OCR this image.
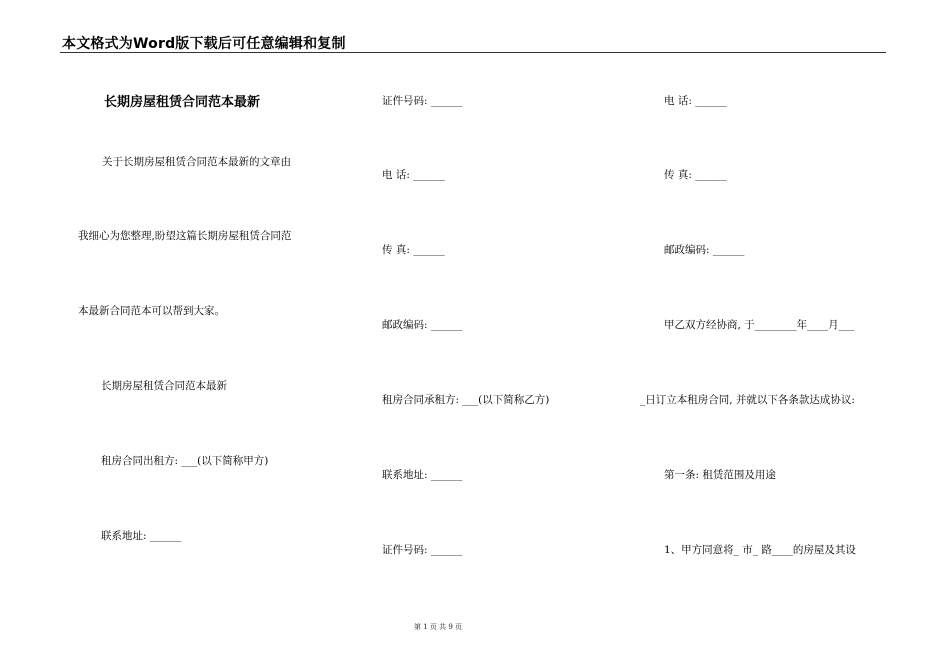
本文格式为Word版下载后可任意编辑和复制
长期房屋租赁合同范本最新
关于长期房屋租赁合同范本最新的文章由
我细心为您整理,盼望这篇长期房屋租赁合同范
本最新合同范本可以帮到大家。
长期房屋租赁合同范本最新
租房合同出租方: ___(以下简称甲方)
联系地址: ______
证件号码: ______
电 话: ______
传 真: ______
邮政编码: ______
租房合同承租方: ___(以下简称乙方)
联系地址: ______
证件号码: ______
电 话: ______
传 真: ______
邮政编码: ______
甲乙双方经协商, 于________年____月___
_日订立本租房合同, 并就以下各条款达成协议:
第一条: 租赁范围及用途
1、甲方同意将_ 市_ 路____的房屋及其设
第 1 页 共 9 页
